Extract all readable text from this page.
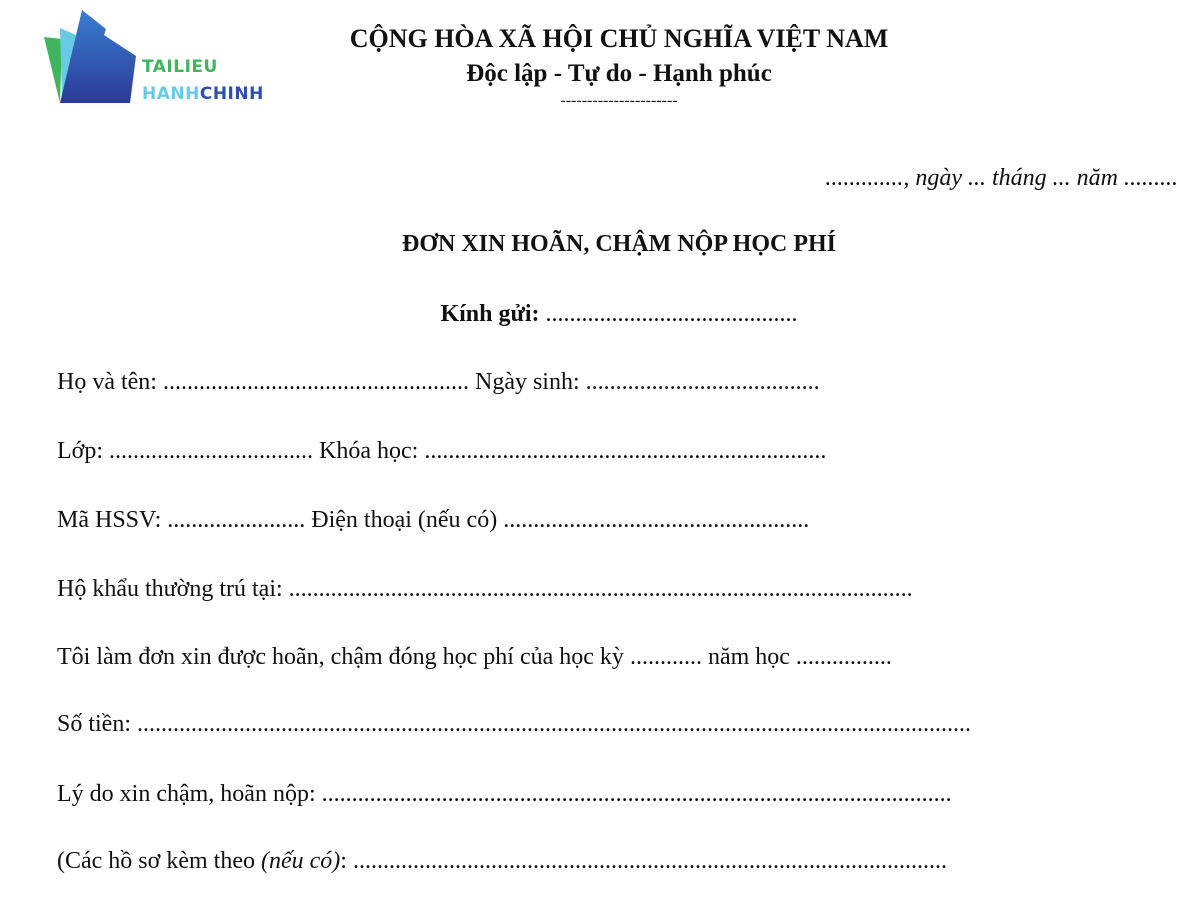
TAILIEU
HANHCHINH
CỘNG HÒA XÃ HỘI CHỦ NGHĨA VIỆT NAM
Độc lập - Tự do - Hạnh phúc
----------------------
............., ngày ... tháng ... năm .........
ĐƠN XIN HOÃN, CHẬM NỘP HỌC PHÍ
Kính gửi: ..........................................
Họ và tên: ................................................... Ngày sinh: .......................................
Lớp: .................................. Khóa học: ...................................................................
Mã HSSV: ....................... Điện thoại (nếu có) ...................................................
Hộ khẩu thường trú tại: ........................................................................................................
Tôi làm đơn xin được hoãn, chậm đóng học phí của học kỳ ............ năm học ................
Số tiền: ...........................................................................................................................................
Lý do xin chậm, hoãn nộp: .........................................................................................................
(Các hồ sơ kèm theo (nếu có): ...................................................................................................
